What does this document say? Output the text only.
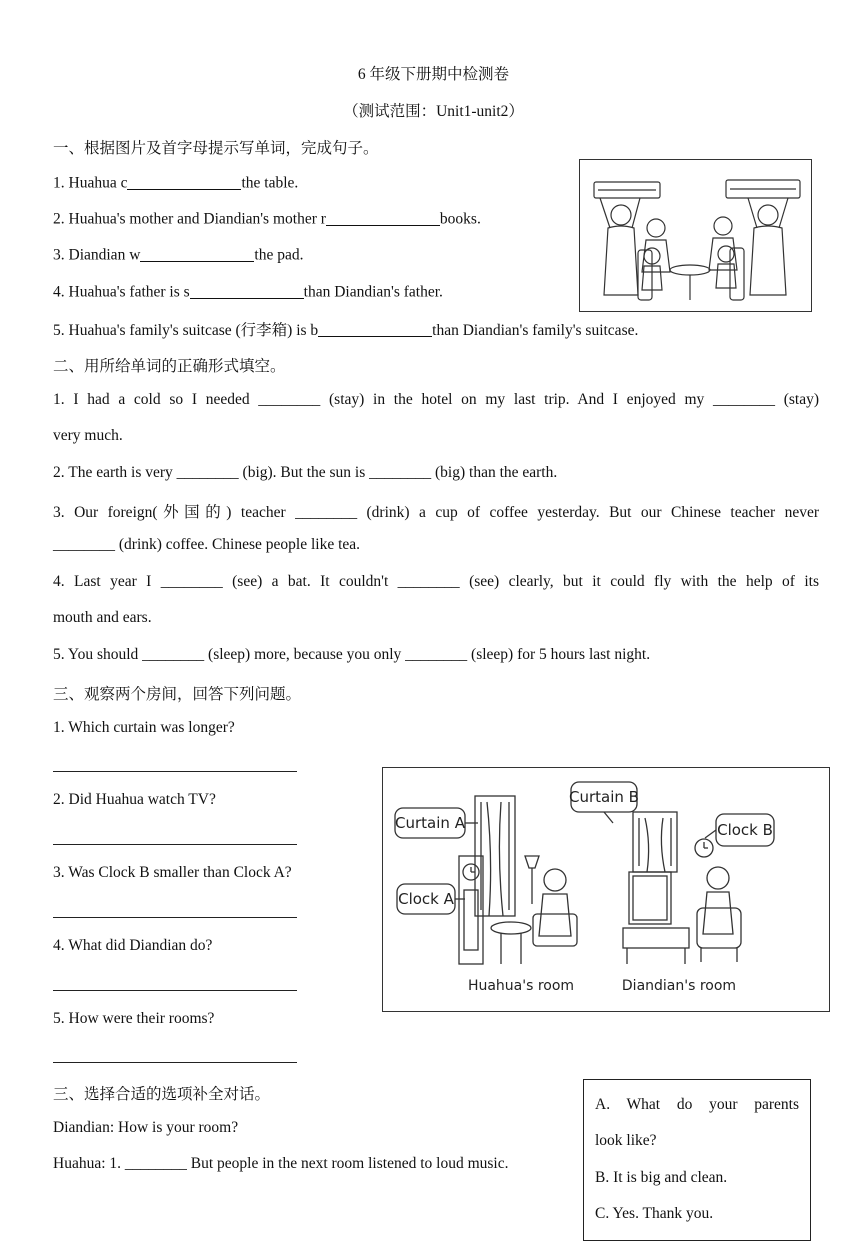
6 年级下册期中检测卷
（测试范围：Unit1-unit2）
一、根据图片及首字母提示写单词，完成句子。
1. Huahua c	the table.
2. Huahua's mother and Diandian's mother r	books.
3. Diandian w	the pad.
4. Huahua's father is s	than Diandian's father.
5. Huahua's family's suitcase (行李箱) is b	than Diandian's family's suitcase.
二、用所给单词的正确形式填空。
1. I had a cold so I needed ________ (stay) in the hotel on my last trip. And I enjoyed my ________ (stay)
very much.
2. The earth is very ________ (big). But the sun is ________ (big) than the earth.
3. Our foreign(外国的) teacher ________ (drink) a cup of coffee yesterday. But our Chinese teacher never
________ (drink) coffee. Chinese people like tea.
4. Last year I ________ (see) a bat. It couldn't ________ (see) clearly, but it could fly with the help of its
mouth and ears.
5. You should ________ (sleep) more, because you only ________ (sleep) for 5 hours last night.
三、观察两个房间，回答下列问题。
1. Which curtain was longer?
2. Did Huahua watch TV?
3. Was Clock B smaller than Clock A?
4. What did Diandian do?
5. How were their rooms?
Curtain A
Curtain B
Clock A
Clock B
Huahua's room	Diandian's room
三、选择合适的选项补全对话。
Diandian: How is your room?
Huahua: 1. ________ But people in the next room listened to loud music.
A. What do your parents
look like?
B. It is big and clean.
C. Yes. Thank you.
